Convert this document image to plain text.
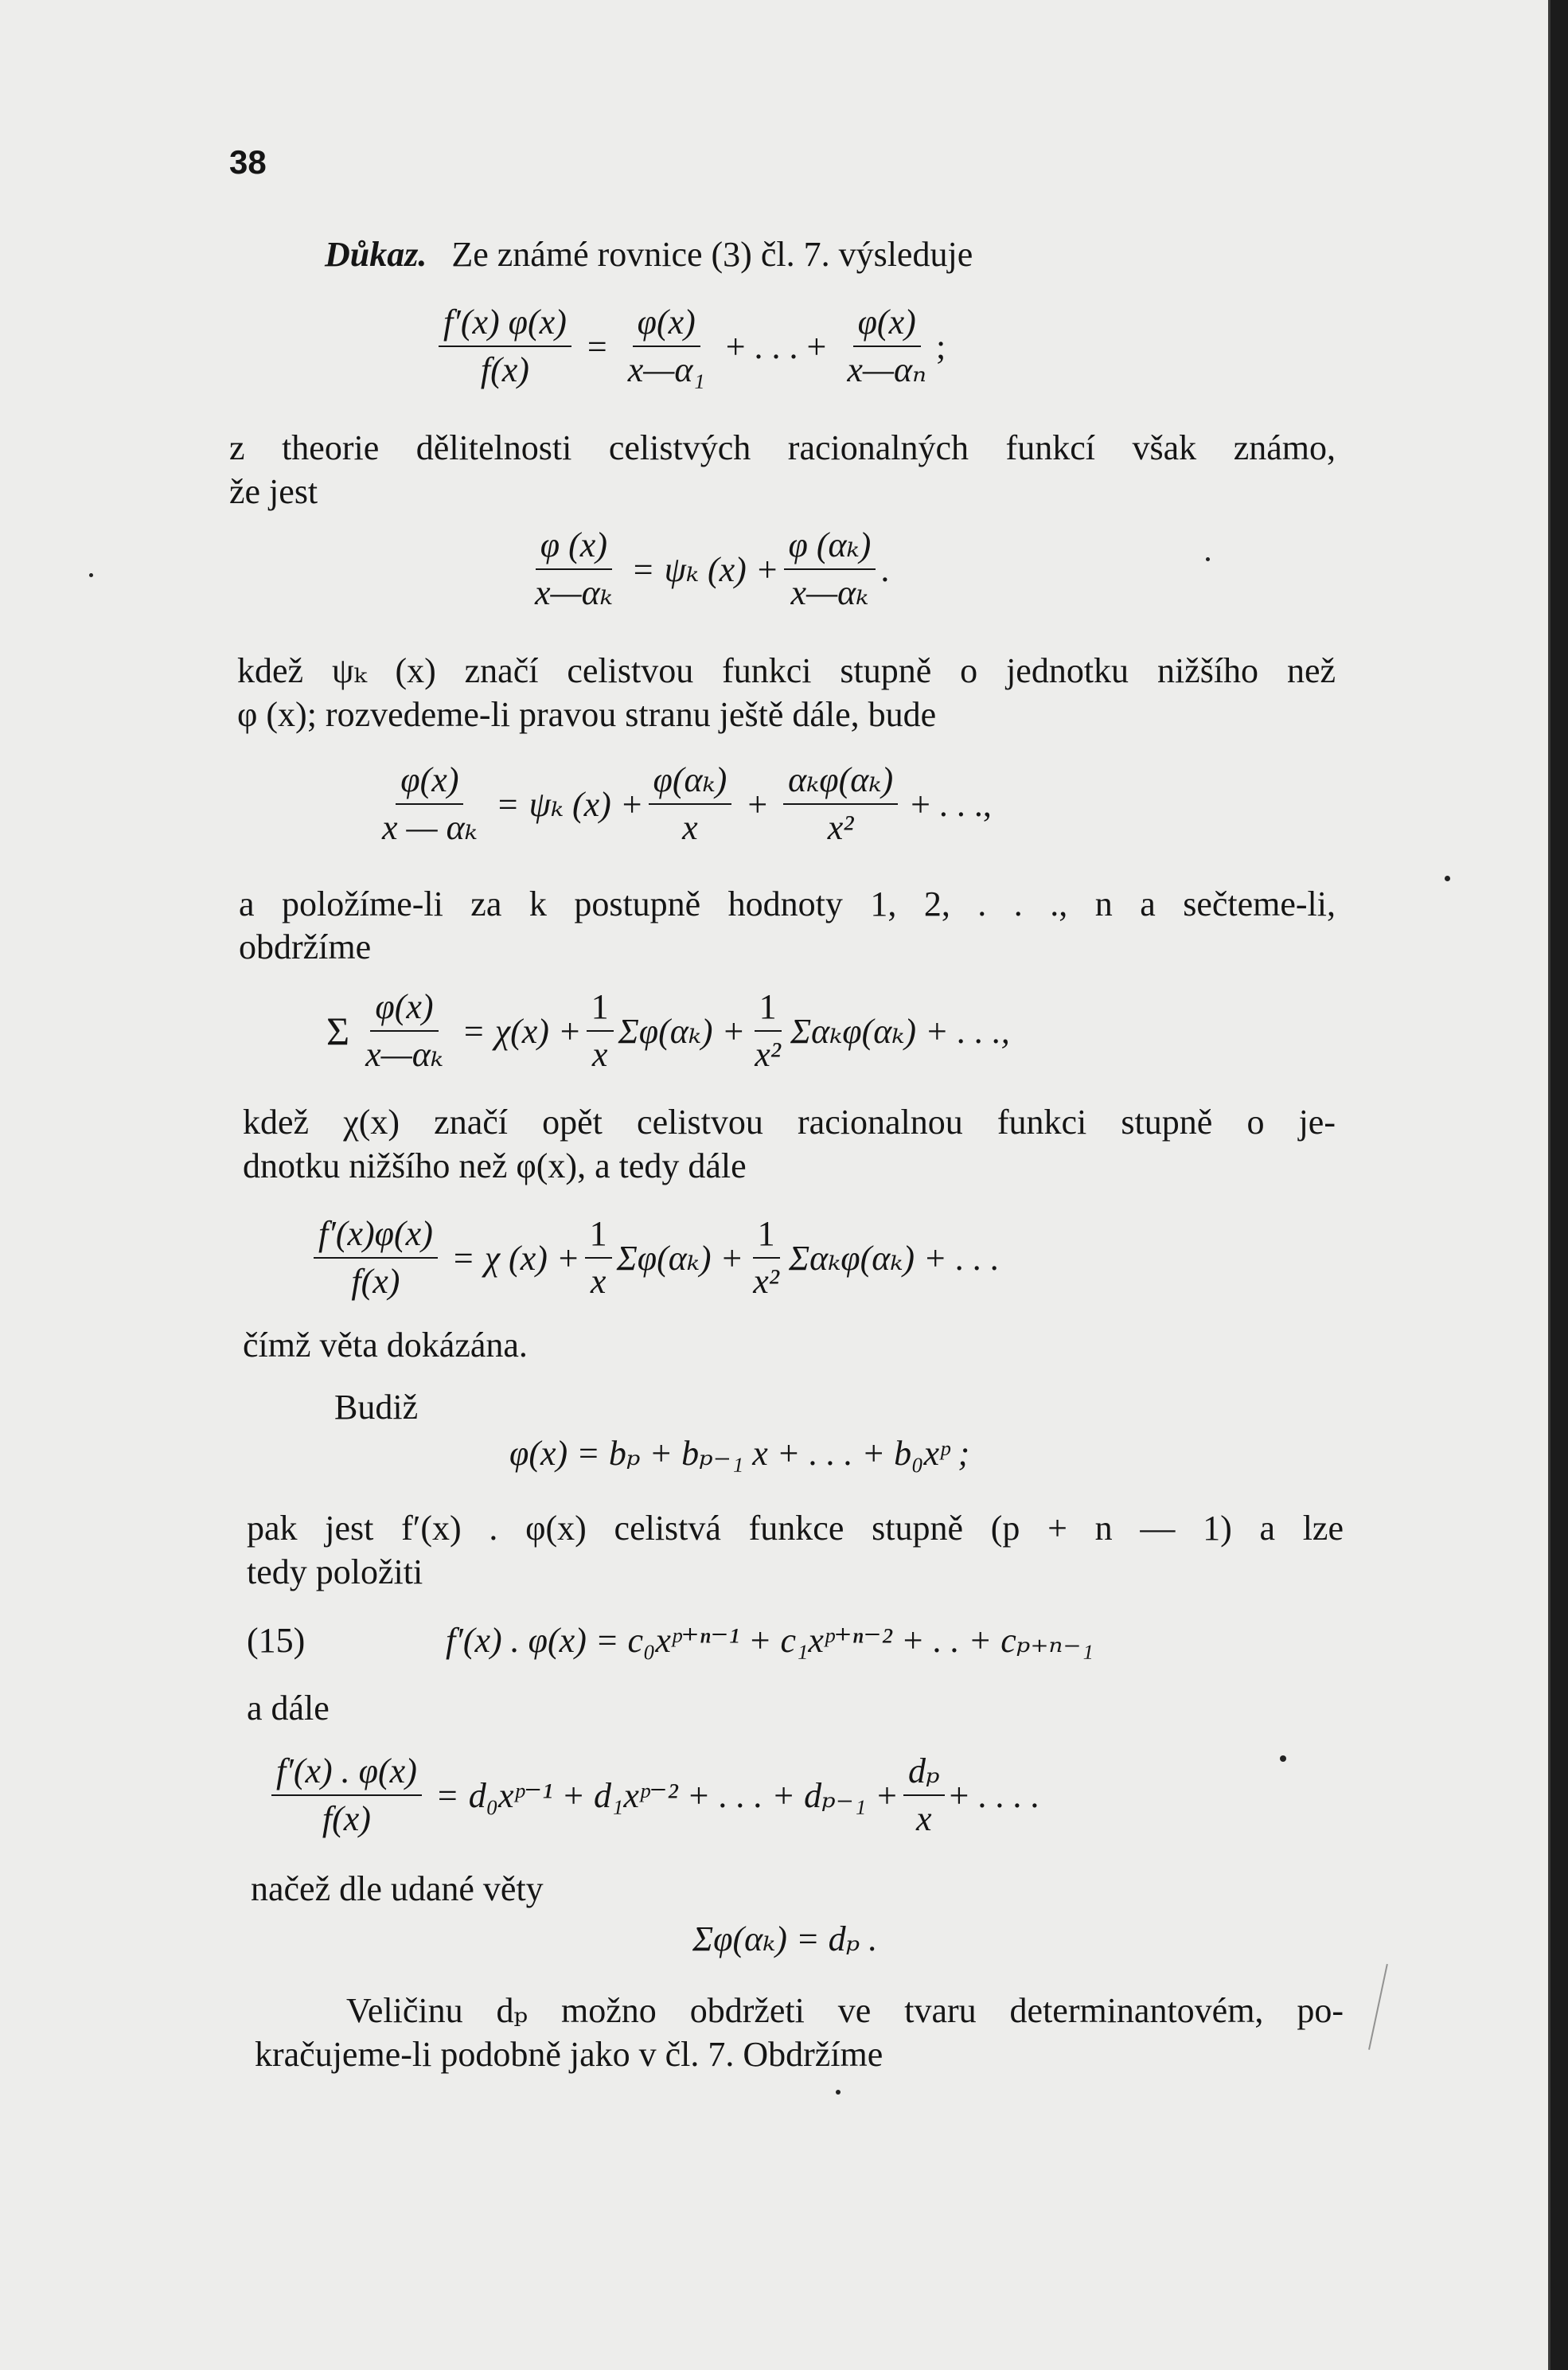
38
Důkaz. Ze známé rovnice (3) čl. 7. výsleduje
$\frac{f'(x) \varphi(x)}{f(x)} = \frac{\varphi(x)}{\text{x—α₁}}$ + . . . + $\frac{\varphi(x)}{\text{x—αₙ}}$ ;
z theorie dělitelnosti celistvých racionalných funkcí však známo,
že jest
$\frac{\varphi (x)}{\text{x—αₖ}} = \psi_k$ $(x) + \frac{\text{φ (αₖ)}}{\text{x—αₖ}}$ .
kdež ψₖ (x) značí celistvou funkci stupně o jednotku nižšího než
φ (x); rozvedeme-li pravou stranu ještě dále, bude
$\frac{\varphi(x)}{\text{x — αₖ}} = \psi_k$ $(x) + \frac{\text{φ(αₖ)}}{x} + \frac{\text{αₖφ(αₖ)}}{\text{x²}}$ + . . .,
a položíme-li za k postupně hodnoty 1, 2, . . ., n a sečteme-li,
obdržíme
Σ $\frac{\varphi(x)}{\text{x—αₖ}} = \chi(x) + \frac{1}{x} \Sigma\varphi(\alpha_k) + \frac{1}{\text{x²}} \Sigma\alpha_k\varphi(\alpha_k)$ + . . .,
kdež χ(x) značí opět celistvou racionalnou funkci stupně o je-
dnotku nižšího než φ(x), a tedy dále
$\frac{f'(x)\varphi(x)}{f(x)} = \chi$ $(x) + \frac{1}{x} \Sigma\varphi(\alpha_k) + \frac{1}{\text{x²}} \Sigma\alpha_k\varphi(\alpha_k)$ + . . .
čímž věta dokázána.
Budiž
φ(x) = bₚ + bₚ₋₁ x + . . . + b₀xᵖ ;
pak jest f′(x) . φ(x) celistvá funkce stupně (p + n — 1) a lze
tedy položiti
(15)	f′(x) . φ(x) = c₀xᵖ⁺ⁿ⁻¹ + c₁xᵖ⁺ⁿ⁻² + . . + cₚ₊ₙ₋₁
a dále
$\frac{f'(x) . \varphi(x)}{f(x)}$ = d₀xᵖ⁻¹ + d₁xᵖ⁻² + . . . + $d_{p-1} + \frac{\text{dₚ}}{x}$ + . . . .
načež dle udané věty
Σφ(αₖ) = dₚ .
Veličinu dₚ možno obdržeti ve tvaru determinantovém, po-
kračujeme-li podobně jako v čl. 7. Obdržíme
